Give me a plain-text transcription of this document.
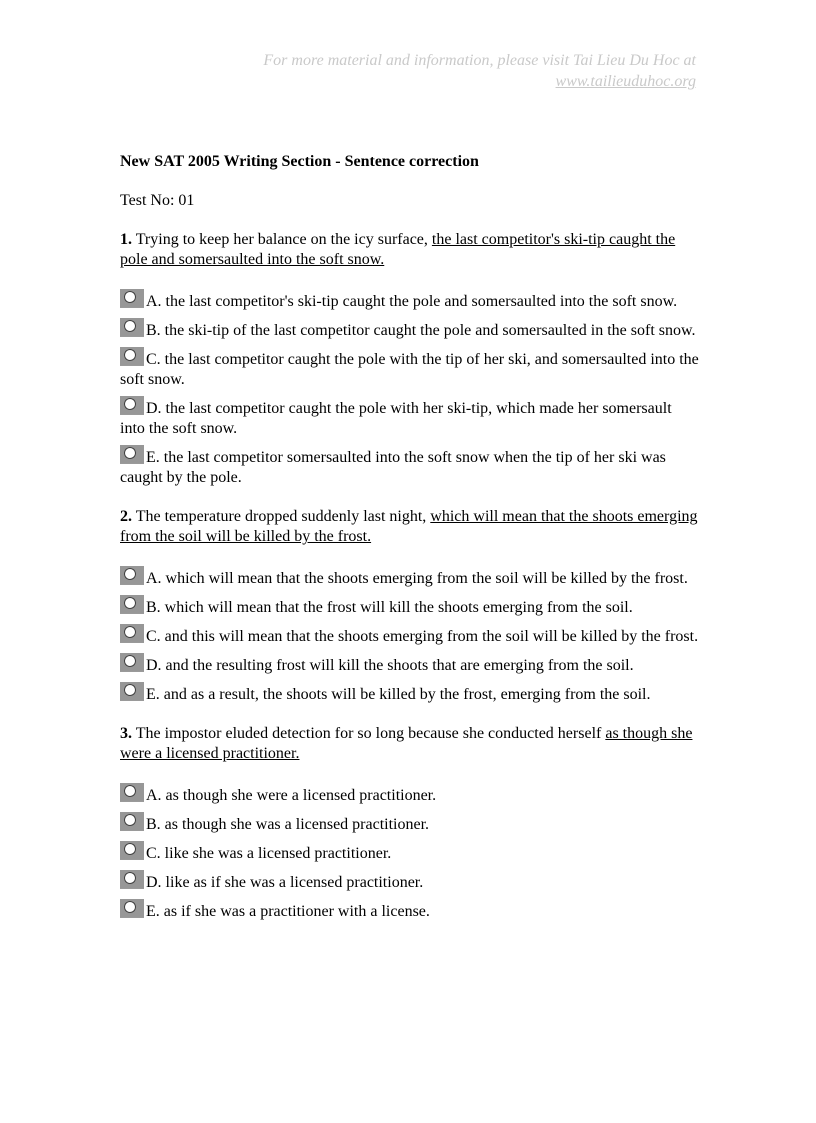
For more material and information, please visit Tai Lieu Du Hoc at
www.tailieuduhoc.org
New SAT 2005 Writing Section - Sentence correction
Test No: 01
1. Trying to keep her balance on the icy surface, the last competitor's ski-tip caught the pole and somersaulted into the soft snow.
A. the last competitor's ski-tip caught the pole and somersaulted into the soft snow.
B. the ski-tip of the last competitor caught the pole and somersaulted in the soft snow.
C. the last competitor caught the pole with the tip of her ski, and somersaulted into the soft snow.
D. the last competitor caught the pole with her ski-tip, which made her somersault into the soft snow.
E. the last competitor somersaulted into the soft snow when the tip of her ski was caught by the pole.
2. The temperature dropped suddenly last night, which will mean that the shoots emerging from the soil will be killed by the frost.
A. which will mean that the shoots emerging from the soil will be killed by the frost.
B. which will mean that the frost will kill the shoots emerging from the soil.
C. and this will mean that the shoots emerging from the soil will be killed by the frost.
D. and the resulting frost will kill the shoots that are emerging from the soil.
E. and as a result, the shoots will be killed by the frost, emerging from the soil.
3. The impostor eluded detection for so long because she conducted herself as though she were a licensed practitioner.
A. as though she were a licensed practitioner.
B. as though she was a licensed practitioner.
C. like she was a licensed practitioner.
D. like as if she was a licensed practitioner.
E. as if she was a practitioner with a license.
